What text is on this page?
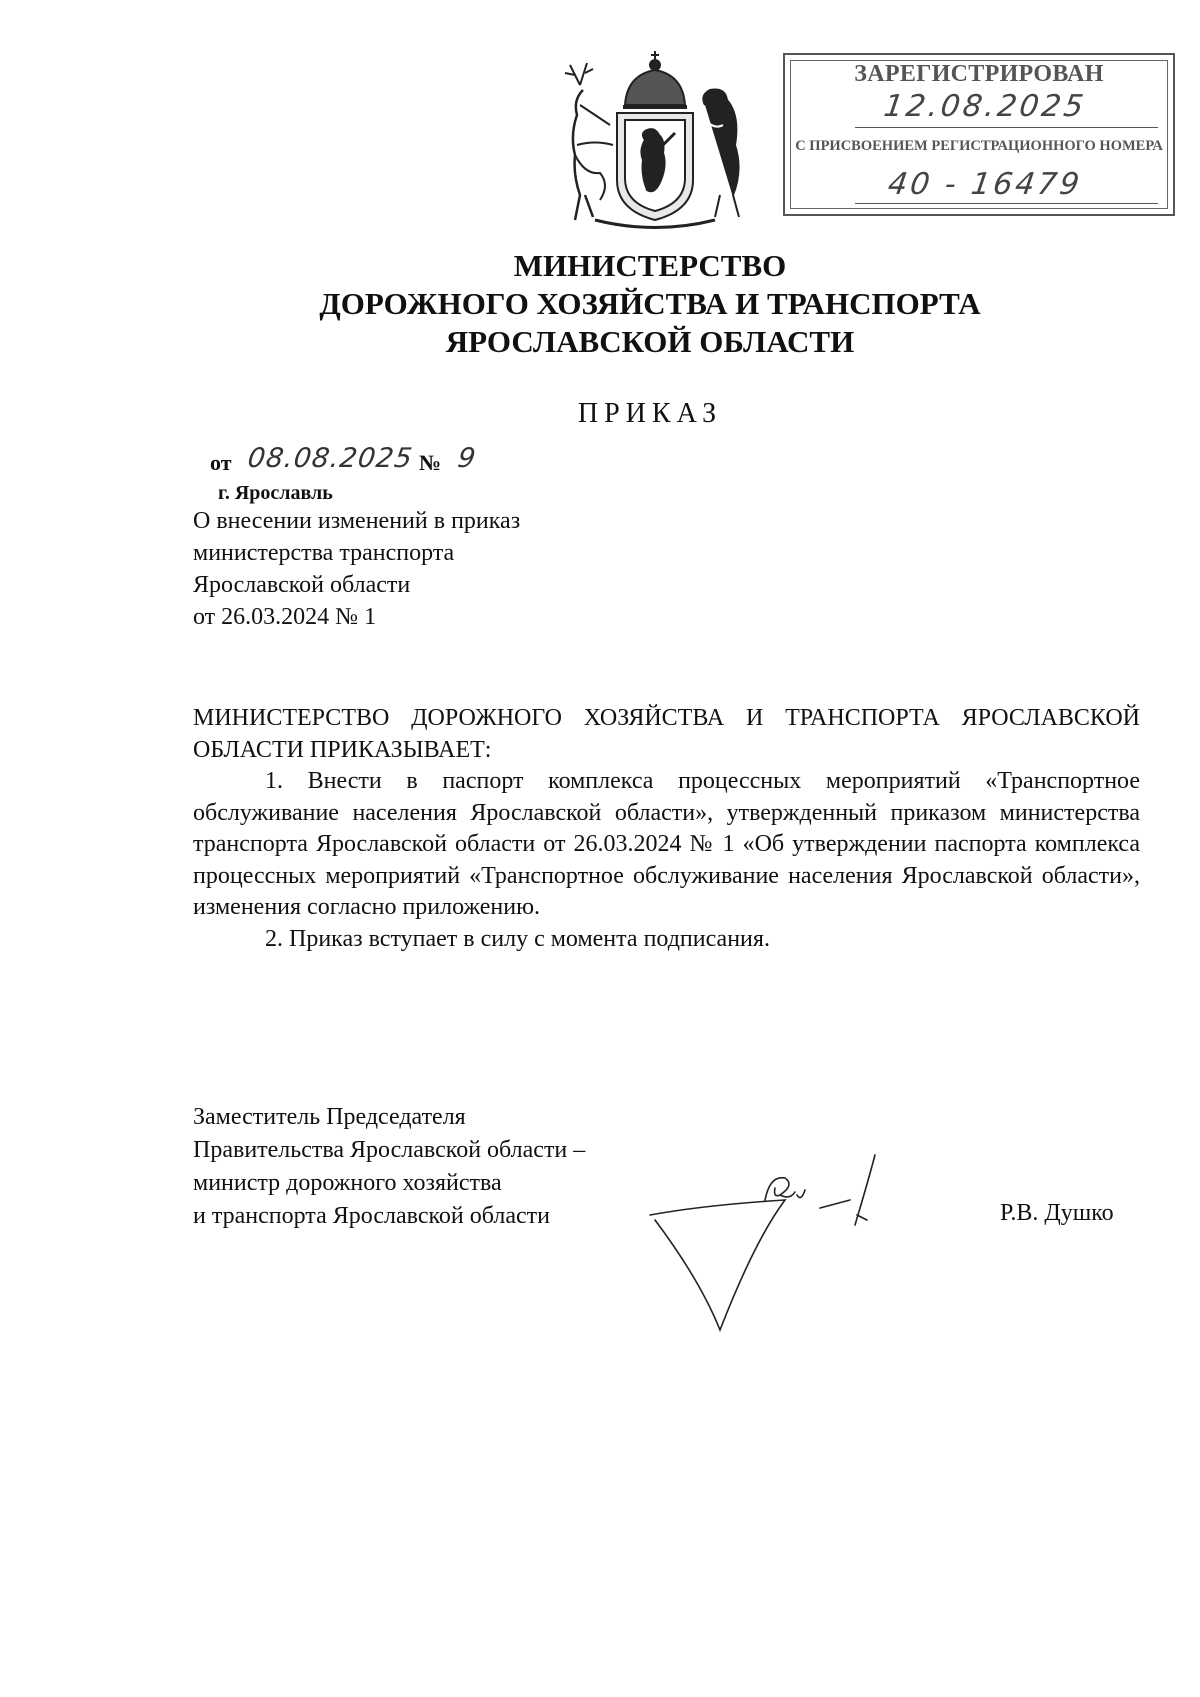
ЗАРЕГИСТРИРОВАН
12.08.2025
С ПРИСВОЕНИЕМ РЕГИСТРАЦИОННОГО НОМЕРА
40 - 16479
МИНИСТЕРСТВО
ДОРОЖНОГО ХОЗЯЙСТВА И ТРАНСПОРТА
ЯРОСЛАВСКОЙ ОБЛАСТИ
ПРИКАЗ
от 08.08.2025 № 9
г. Ярославль
О внесении изменений в приказ
министерства транспорта
Ярославской области
от 26.03.2024 № 1

МИНИСТЕРСТВО ДОРОЖНОГО ХОЗЯЙСТВА И ТРАНСПОРТА ЯРОСЛАВСКОЙ ОБЛАСТИ ПРИКАЗЫВАЕТ:

1. Внести в паспорт комплекса процессных мероприятий «Транспортное обслуживание населения Ярославской области», утвержденный приказом министерства транспорта Ярославской области от 26.03.2024 № 1 «Об утверждении паспорта комплекса процессных мероприятий «Транспортное обслуживание населения Ярославской области», изменения согласно приложению.

2. Приказ вступает в силу с момента подписания.

Заместитель Председателя
Правительства Ярославской области –
министр дорожного хозяйства
и транспорта Ярославской области	Р.В. Душко
